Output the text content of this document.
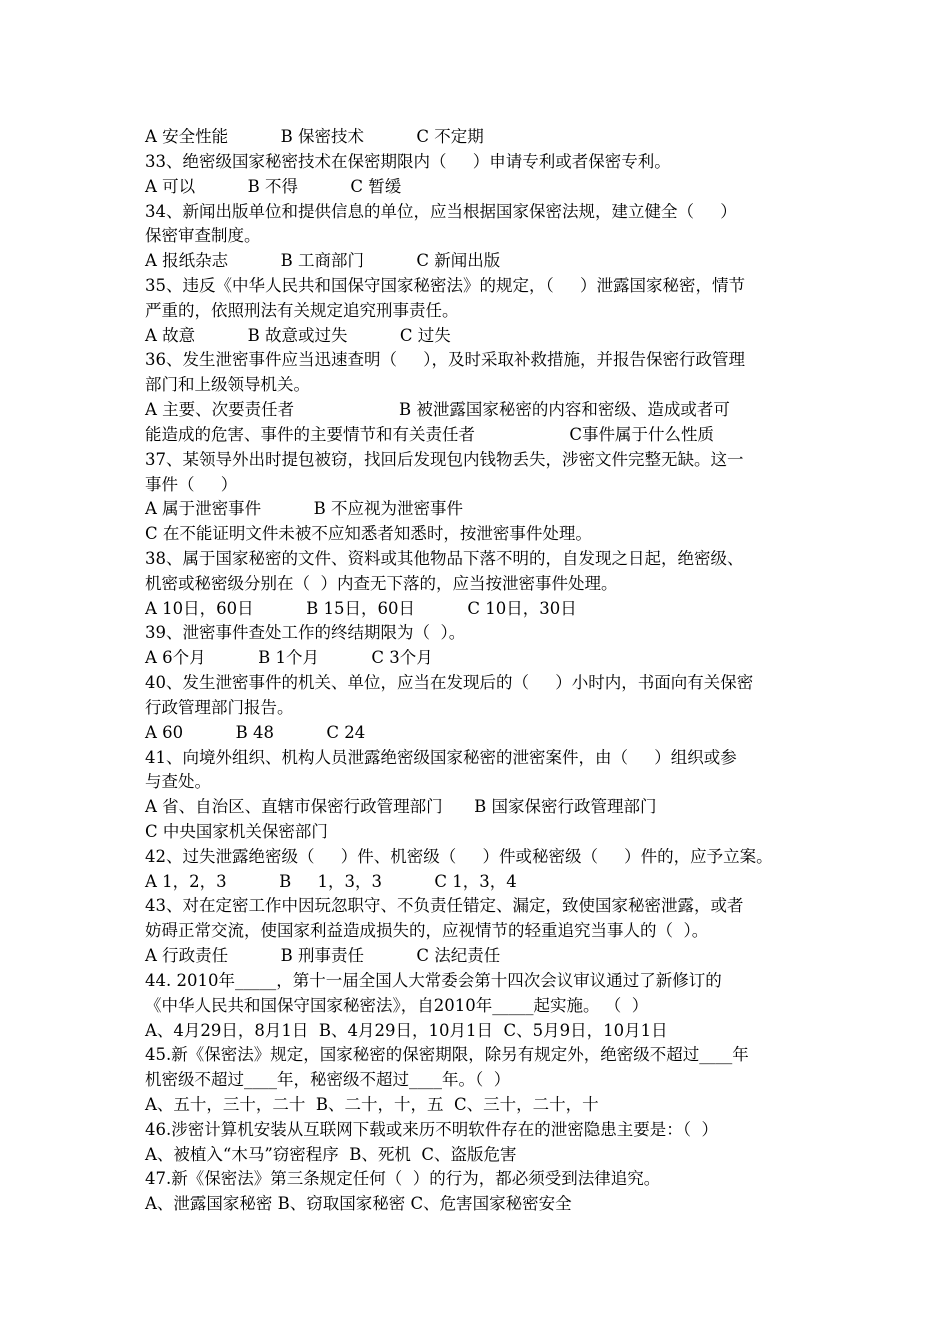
A 安全性能          B 保密技术          C 不定期
33、绝密级国家秘密技术在保密期限内（     ）申请专利或者保密专利。
A 可以          B 不得          C 暂缓
34、新闻出版单位和提供信息的单位，应当根据国家保密法规，建立健全（     ）
保密审查制度。
A 报纸杂志          B 工商部门          C 新闻出版
35、违反《中华人民共和国保守国家秘密法》的规定，（     ）泄露国家秘密，情节
严重的，依照刑法有关规定追究刑事责任。
A 故意          B 故意或过失          C 过失
36、发生泄密事件应当迅速查明（     ），及时采取补救措施，并报告保密行政管理
部门和上级领导机关。
A 主要、次要责任者                    B 被泄露国家秘密的内容和密级、造成或者可
能造成的危害、事件的主要情节和有关责任者                  C事件属于什么性质
37、某领导外出时提包被窃，找回后发现包内钱物丢失，涉密文件完整无缺。这一
事件（     ）
A 属于泄密事件          B 不应视为泄密事件
C 在不能证明文件未被不应知悉者知悉时，按泄密事件处理。
38、属于国家秘密的文件、资料或其他物品下落不明的，自发现之日起，绝密级、
机密或秘密级分别在（  ）内查无下落的，应当按泄密事件处理。
A 10日，60日          B 15日，60日          C 10日，30日
39、泄密事件查处工作的终结期限为（  ）。
A 6个月          B 1个月          C 3个月
40、发生泄密事件的机关、单位，应当在发现后的（     ）小时内，书面向有关保密
行政管理部门报告。
A 60          B 48          C 24
41、向境外组织、机构人员泄露绝密级国家秘密的泄密案件，由（     ）组织或参
与查处。
A 省、自治区、直辖市保密行政管理部门      B 国家保密行政管理部门
C 中央国家机关保密部门
42、过失泄露绝密级（     ）件、机密级（     ）件或秘密级（     ）件的，应予立案。
A 1，2，3          B     1，3，3          C 1，3，4
43、对在定密工作中因玩忽职守、不负责任错定、漏定，致使国家秘密泄露，或者
妨碍正常交流，使国家利益造成损失的，应视情节的轻重追究当事人的（  ）。
A 行政责任          B 刑事责任          C 法纪责任
44. 2010年_____，第十一届全国人大常委会第十四次会议审议通过了新修订的
《中华人民共和国保守国家秘密法》，自2010年_____起实施。 （  ）
A、4月29日，8月1日  B、4月29日，10月1日  C、5月9日，10月1日
45.新《保密法》规定，国家秘密的保密期限，除另有规定外，绝密级不超过____年
机密级不超过____年，秘密级不超过____年。（  ）
A、五十，三十，二十  B、二十，十，五  C、三十，二十，十
46.涉密计算机安装从互联网下载或来历不明软件存在的泄密隐患主要是：（  ）
A、被植入“木马”窃密程序  B、死机  C、盗版危害
47.新《保密法》第三条规定任何（  ）的行为，都必须受到法律追究。
A、泄露国家秘密 B、窃取国家秘密 C、危害国家秘密安全
